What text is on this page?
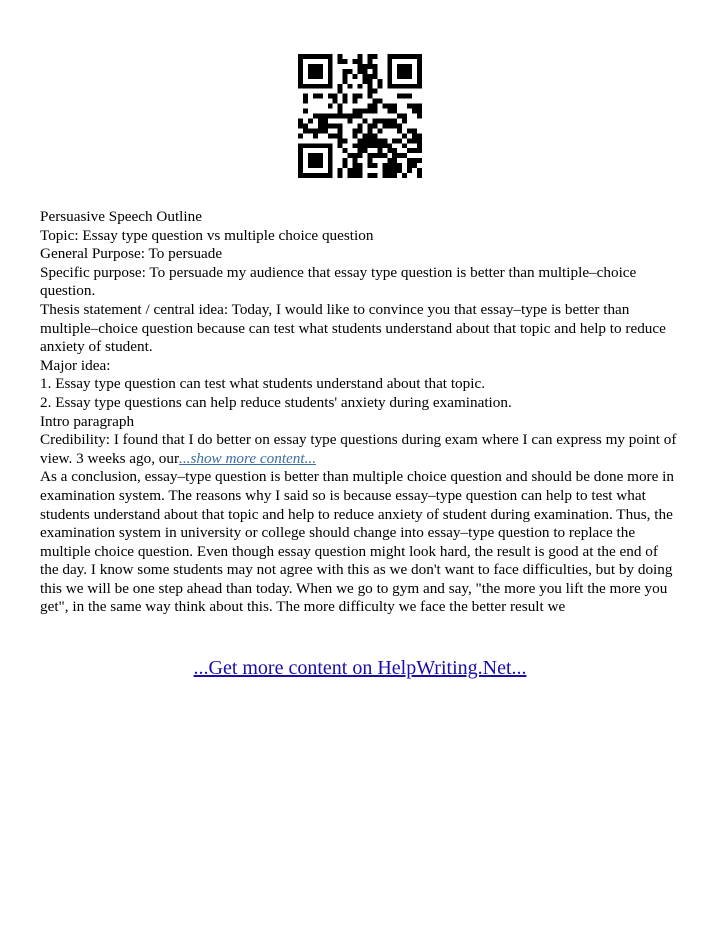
Persuasive Speech Outline

Topic: Essay type question vs multiple choice question

General Purpose: To persuade

Specific purpose: To persuade my audience that essay type question is better than multiple–choice question.

Thesis statement / central idea: Today, I would like to convince you that essay–type is better than multiple–choice question because can test what students understand about that topic and help to reduce anxiety of student.

Major idea:

1. Essay type question can test what students understand about that topic.

2. Essay type questions can help reduce students' anxiety during examination.

Intro paragraph

Credibility: I found that I do better on essay type questions during exam where I can express my point of view. 3 weeks ago, our...show more content...

As a conclusion, essay–type question is better than multiple choice question and should be done more in examination system. The reasons why I said so is because essay–type question can help to test what students understand about that topic and help to reduce anxiety of student during examination. Thus, the examination system in university or college should change into essay–type question to replace the multiple choice question. Even though essay question might look hard, the result is good at the end of the day. I know some students may not agree with this as we don't want to face difficulties, but by doing this we will be one step ahead than today. When we go to gym and say, "the more you lift the more you get", in the same way think about this. The more difficulty we face the better result we

...Get more content on HelpWriting.Net...
